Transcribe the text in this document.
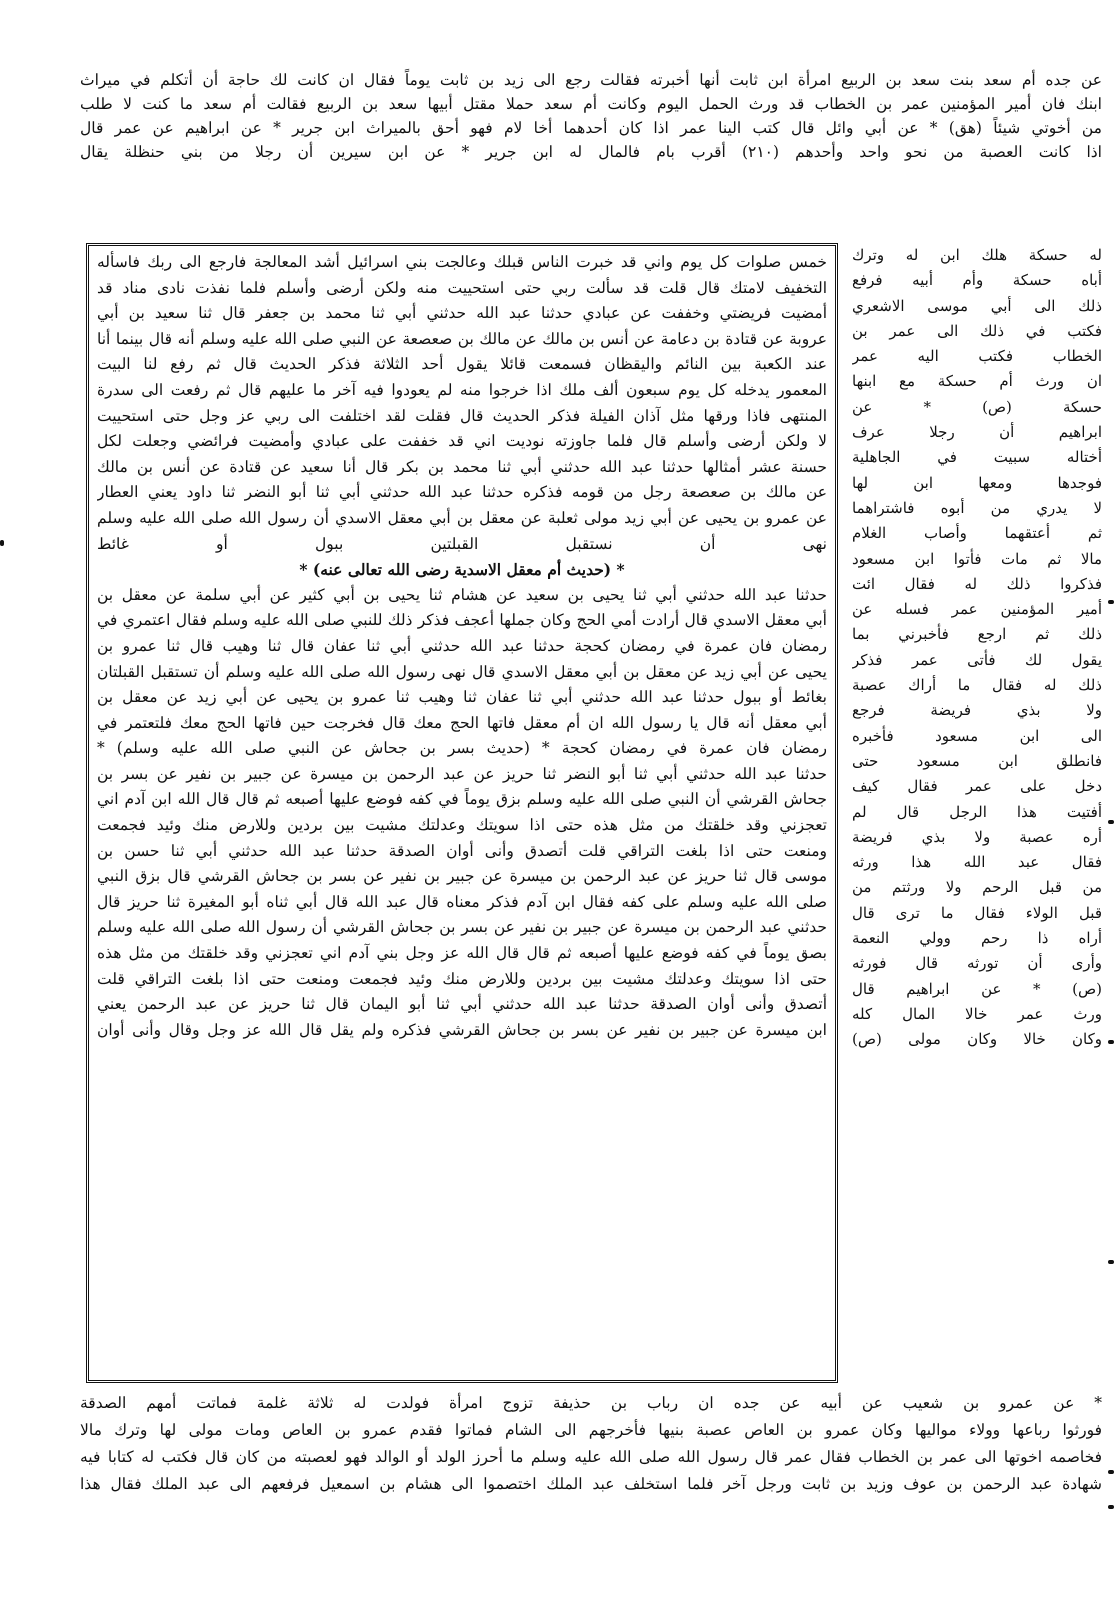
عن جده أم سعد بنت سعد بن الربيع امرأة ابن ثابت أنها أخبرته فقالت رجع الى زيد بن ثابت يوماً فقال ان كانت لك حاجة أن أتكلم في ميراث
ابنك فان أمير المؤمنين عمر بن الخطاب قد ورث الحمل اليوم وكانت أم سعد حملا مقتل أبيها سعد بن الربيع فقالت أم سعد ما كنت لا طلب
من أخوتي شيئاً (هق) * عن أبي وائل قال كتب الينا عمر اذا كان أحدهما أخا لام فهو أحق بالميراث ابن جرير * عن ابراهيم عن عمر قال
اذا كانت العصبة من نحو واحد وأحدهم (٢١٠) أقرب بام فالمال له ابن جرير * عن ابن سيرين أن رجلا من بني حنظلة يقال
خمس صلوات كل يوم واني قد خبرت الناس قبلك وعالجت بني اسرائيل أشد المعالجة فارجع الى ربك فاسأله
التخفيف لامتك قال قلت قد سألت ربي حتى استحييت منه ولكن أرضى وأسلم فلما نفذت نادى مناد قد
أمضيت فريضتي وخففت عن عبادي حدثنا عبد الله حدثني أبي ثنا محمد بن جعفر قال ثنا سعيد بن أبي
عروبة عن قتادة بن دعامة عن أنس بن مالك عن مالك بن صعصعة عن النبي صلى الله عليه وسلم أنه قال بينما أنا
عند الكعبة بين النائم واليقظان فسمعت قائلا يقول أحد الثلاثة فذكر الحديث قال ثم رفع لنا البيت
المعمور يدخله كل يوم سبعون ألف ملك اذا خرجوا منه لم يعودوا فيه آخر ما عليهم قال ثم رفعت الى سدرة
المنتهى فاذا ورقها مثل آذان الفيلة فذكر الحديث قال فقلت لقد اختلفت الى ربي عز وجل حتى استحييت
لا ولكن أرضى وأسلم قال فلما جاوزته نوديت اني قد خففت على عبادي وأمضيت فرائضي وجعلت لكل
حسنة عشر أمثالها حدثنا عبد الله حدثني أبي ثنا محمد بن بكر قال أنا سعيد عن قتادة عن أنس بن مالك
عن مالك بن صعصعة رجل من قومه فذكره حدثنا عبد الله حدثني أبي ثنا أبو النضر ثنا داود يعني العطار
عن عمرو بن يحيى عن أبي زيد مولى ثعلبة عن معقل بن أبي معقل الاسدي أن رسول الله صلى الله عليه وسلم
نهى أن نستقبل القبلتين ببول أو غائط
* (حديث أم معقل الاسدية رضى الله تعالى عنه) *
حدثنا عبد الله حدثني أبي ثنا يحيى بن سعيد عن هشام ثنا يحيى بن أبي كثير عن أبي سلمة عن معقل بن
أبي معقل الاسدي قال أرادت أمي الحج وكان جملها أعجف فذكر ذلك للنبي صلى الله عليه وسلم فقال اعتمري في
رمضان فان عمرة في رمضان كحجة حدثنا عبد الله حدثني أبي ثنا عفان قال ثنا وهيب قال ثنا عمرو بن
يحيى عن أبي زيد عن معقل بن أبي معقل الاسدي قال نهى رسول الله صلى الله عليه وسلم أن تستقبل القبلتان
بغائط أو ببول حدثنا عبد الله حدثني أبي ثنا عفان ثنا وهيب ثنا عمرو بن يحيى عن أبي زيد عن معقل بن
أبي معقل أنه قال يا رسول الله ان أم معقل فاتها الحج معك قال فخرجت حين فاتها الحج معك فلتعتمر في
رمضان فان عمرة في رمضان كحجة * (حديث بسر بن جحاش عن النبي صلى الله عليه وسلم) *
حدثنا عبد الله حدثني أبي ثنا أبو النضر ثنا حريز عن عبد الرحمن بن ميسرة عن جبير بن نفير عن بسر بن
جحاش القرشي أن النبي صلى الله عليه وسلم بزق يوماً في كفه فوضع عليها أصبعه ثم قال قال الله ابن آدم اني
تعجزني وقد خلقتك من مثل هذه حتى اذا سويتك وعدلتك مشيت بين بردين وللارض منك وئيد فجمعت
ومنعت حتى اذا بلغت التراقي قلت أتصدق وأنى أوان الصدقة حدثنا عبد الله حدثني أبي ثنا حسن بن
موسى قال ثنا حريز عن عبد الرحمن بن ميسرة عن جبير بن نفير عن بسر بن جحاش القرشي قال بزق النبي
صلى الله عليه وسلم على كفه فقال ابن آدم فذكر معناه قال عبد الله قال أبي ثناه أبو المغيرة ثنا حريز قال
حدثني عبد الرحمن بن ميسرة عن جبير بن نفير عن بسر بن جحاش القرشي أن رسول الله صلى الله عليه وسلم
بصق يوماً في كفه فوضع عليها أصبعه ثم قال قال الله عز وجل بني آدم اني تعجزني وقد خلقتك من مثل هذه
حتى اذا سويتك وعدلتك مشيت بين بردين وللارض منك وئيد فجمعت ومنعت حتى اذا بلغت التراقي قلت
أتصدق وأنى أوان الصدقة حدثنا عبد الله حدثني أبي ثنا أبو اليمان قال ثنا حريز عن عبد الرحمن يعني
ابن ميسرة عن جبير بن نفير عن بسر بن جحاش القرشي فذكره ولم يقل قال الله عز وجل وقال وأنى أوان
له حسكة هلك ابن له وترك
أباه حسكة وأم أبيه فرفع
ذلك الى أبي موسى الاشعري
فكتب في ذلك الى عمر بن
الخطاب فكتب اليه عمر
ان ورث أم حسكة مع ابنها
حسكة (ص) * عن
ابراهيم أن رجلا عرف
أختاله سبيت في الجاهلية
فوجدها ومعها ابن لها
لا يدري من أبوه فاشتراهما
ثم أعتقهما وأصاب الغلام
مالا ثم مات فأتوا ابن مسعود
فذكروا ذلك له فقال ائت
أمير المؤمنين عمر فسله عن
ذلك ثم ارجع فأخبرني بما
يقول لك فأتى عمر فذكر
ذلك له فقال ما أراك عصبة
ولا بذي فريضة فرجع
الى ابن مسعود فأخبره
فانطلق ابن مسعود حتى
دخل على عمر فقال كيف
أفتيت هذا الرجل قال لم
أره عصبة ولا بذي فريضة
فقال عبد الله هذا ورثه
من قبل الرحم ولا ورثتم من
قبل الولاء فقال ما ترى قال
أراه ذا رحم وولي النعمة
وأرى أن تورثه قال فورثه
(ص) * عن ابراهيم قال
ورث عمر خالا المال كله
وكان خالا وكان مولى (ص)
* عن عمرو بن شعيب عن أبيه عن جده ان رباب بن حذيفة تزوج امرأة فولدت له ثلاثة غلمة فماتت أمهم الصدقة
فورثوا رباعها وولاء مواليها وكان عمرو بن العاص عصبة بنيها فأخرجهم الى الشام فماتوا فقدم عمرو بن العاص ومات مولى لها وترك مالا
فخاصمه اخوتها الى عمر بن الخطاب فقال عمر قال رسول الله صلى الله عليه وسلم ما أحرز الولد أو الوالد فهو لعصبته من كان قال فكتب له كتابا فيه
شهادة عبد الرحمن بن عوف وزيد بن ثابت ورجل آخر فلما استخلف عبد الملك اختصموا الى هشام بن اسمعيل فرفعهم الى عبد الملك فقال هذا
